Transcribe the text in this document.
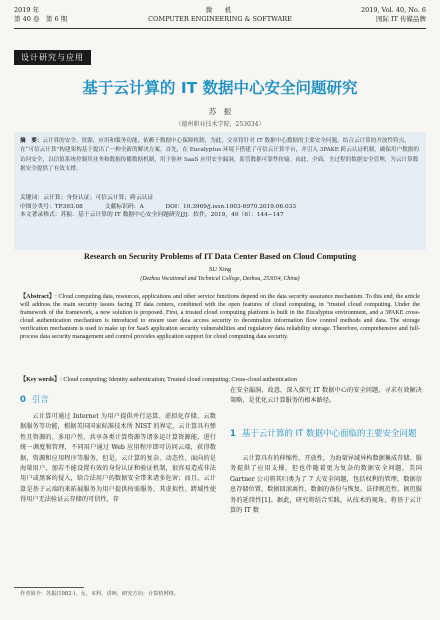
2019 年
第 40 卷　第 6 期
微　机
COMPUTER ENGINEERING & SOFTWARE
2019, Vol. 40, No. 6
国际 IT 传媒品牌
设计研究与应用
基于云计算的 IT 数据中心安全问题研究
苏　振
（德州职业技术学院，253034）
摘　要：云计算的安全、资源、应用和服务功能，依赖于数据中心保障机制，为此，文章将针对 IT 数据中心数据的主要安全问题，结合云计算的开放性特点，在“可信云计算”构建架构基于提出了一种全新的解决方案。首先，在 Eucalyptus 环境下搭建了可信云计算平台，并引入 3PAKE 跨云认证机制，确保用户数据的访问安全，以信值系统控制其业务和数据传播数据机制，用于弥补 SaaS 应用安全漏洞，监管数据可靠性传输。由此，全面、全过程的数据安全管理，为云计算数据安全提供了有效支撑。
关键词：云计算；身份认证；可信云计算；跨云认证
中图分类号：TP393.08	文献标识码：A	DOI：10.3969/j.issn.1003-6970.2019.06.033
本文著录格式：苏振．基于云计算的 IT 数据中心安全问题研究[J]．软件，2019，40（6）：144−147
Research on Security Problems of IT Data Center Based on Cloud Computing
SU Xing
(Dezhou Vocational and Technical College, Dezhou, 253034, China)
【Abstract】: Cloud computing data, resources, applications and other service functions depend on the data security assurance mechanism. To this end, the article will address the main security issues facing IT data centers, combined with the open features of cloud computing, in "trusted cloud computing. Under the framework of the framework, a new solution is proposed. First, a trusted cloud computing platform is built in the Eucalyptus environment, and a 3PAKE cross-cloud authentication mechanism is introduced to ensure user data access security to decentralize information flow control methods and data. The storage verification mechanism is used to make up for SaaS application security vulnerabilities and regulatory data reliability storage. Therefore, comprehensive and full-process data security management and control provides application support for cloud computing data security.
【Key words】: Cloud computing; Identity authentication; Trusted cloud computing; Cross-cloud authentication
0 引言

云计算可通过 Internet 为用户提供并行运算、虚拟化存储、云数据服务等功能，根据美国国家标准技术所 NIST 的界定，云计算具有弹性且资源的、多用户性、共享各类计算资源等诸多运计算资源能，进行统一调度和管理，不同用户通过 Web 应用程序即可访问云端，获得数据、资源和应用程序等服务，但是，云计算的复杂、动态性、面向的是海量用户，加若不能设置有效的身份认证和验证机制，很容易造成非法用户或黑客的侵入，给合法用户的数据安全带来诸多危害；而且，云计算是基于云端的来拓展服务为用户提供按需服务，其虚拟性、跨域性使得用户无法验证云存储的可信性，存

在安全漏洞、故意，深入探究 IT 数据中心的安全问题，寻求有效解决策略，是优化云计算服务的根本路径。

1 基于云计算的 IT 数据中心面临的主要安全问题

云计算具有的伸缩性、开放性，为海量异域异构数据集成存储、服务提供了应用支撑，但也伴随着更为复杂的数据安全问题，美国 Gartner 公司将其归类为了 7 大安全问题，包括权利的管理、数据信息存储位置、数据回滚离性、数据的备份与恢复、法律规范性、据但服务的延续性[1]。据此，研究将结合实践，从技术的视角，将基于云计算的 IT 数

作者简介：苏振(1982-)，女，本科，讲师，研究方向：计算机网络。
